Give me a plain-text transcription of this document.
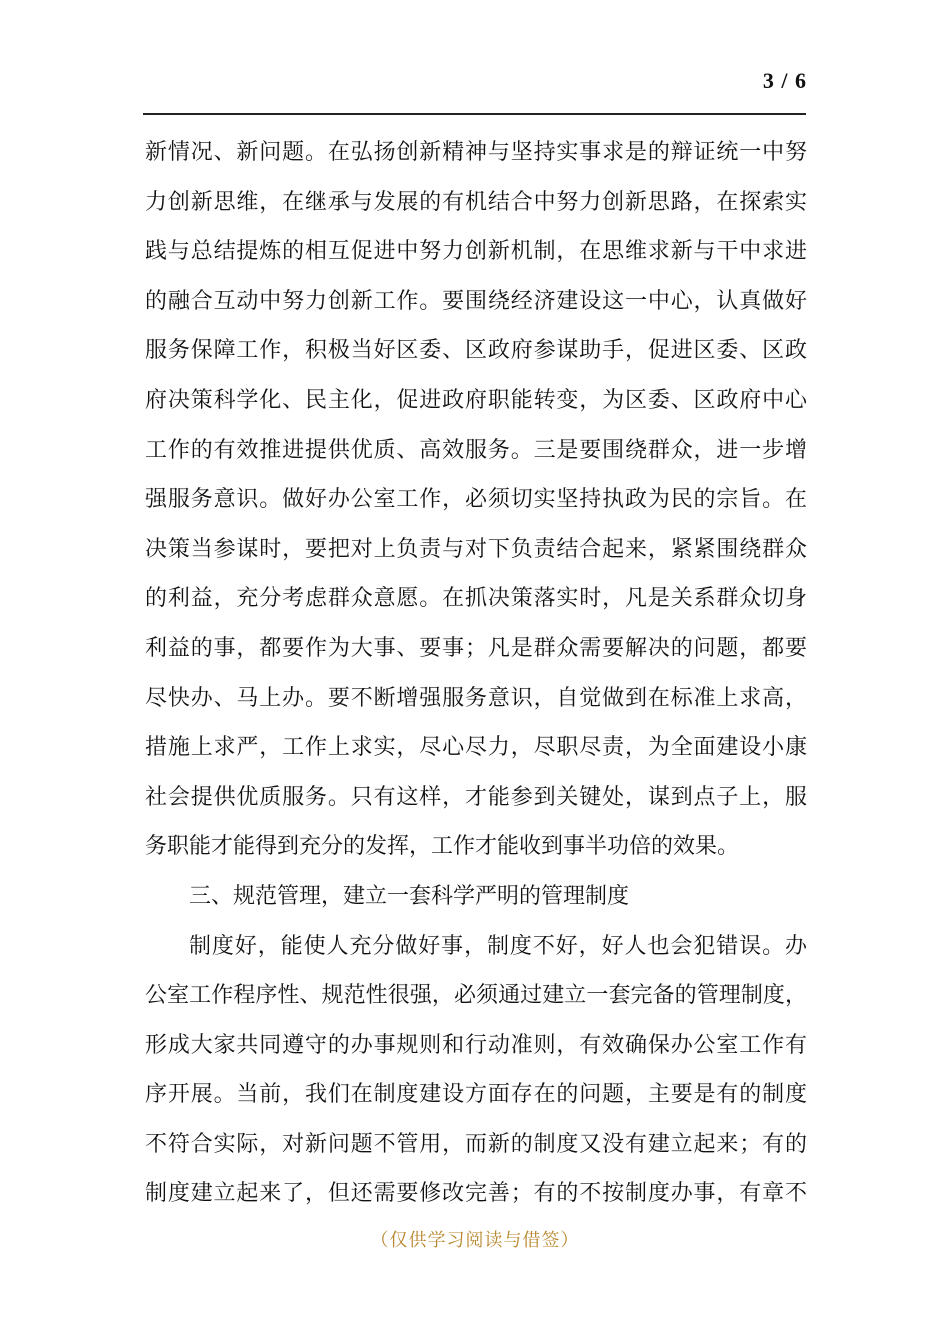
3 / 6
新情况、新问题。在弘扬创新精神与坚持实事求是的辩证统一中努
力创新思维，在继承与发展的有机结合中努力创新思路，在探索实
践与总结提炼的相互促进中努力创新机制，在思维求新与干中求进
的融合互动中努力创新工作。要围绕经济建设这一中心，认真做好
服务保障工作，积极当好区委、区政府参谋助手，促进区委、区政
府决策科学化、民主化，促进政府职能转变，为区委、区政府中心
工作的有效推进提供优质、高效服务。三是要围绕群众，进一步增
强服务意识。做好办公室工作，必须切实坚持执政为民的宗旨。在
决策当参谋时，要把对上负责与对下负责结合起来，紧紧围绕群众
的利益，充分考虑群众意愿。在抓决策落实时，凡是关系群众切身
利益的事，都要作为大事、要事；凡是群众需要解决的问题，都要
尽快办、马上办。要不断增强服务意识，自觉做到在标准上求高，
措施上求严，工作上求实，尽心尽力，尽职尽责，为全面建设小康
社会提供优质服务。只有这样，才能参到关键处，谋到点子上，服
务职能才能得到充分的发挥，工作才能收到事半功倍的效果。
三、规范管理，建立一套科学严明的管理制度
制度好，能使人充分做好事，制度不好，好人也会犯错误。办
公室工作程序性、规范性很强，必须通过建立一套完备的管理制度，
形成大家共同遵守的办事规则和行动准则，有效确保办公室工作有
序开展。当前，我们在制度建设方面存在的问题，主要是有的制度
不符合实际，对新问题不管用，而新的制度又没有建立起来；有的
制度建立起来了，但还需要修改完善；有的不按制度办事，有章不
（仅供学习阅读与借签）
